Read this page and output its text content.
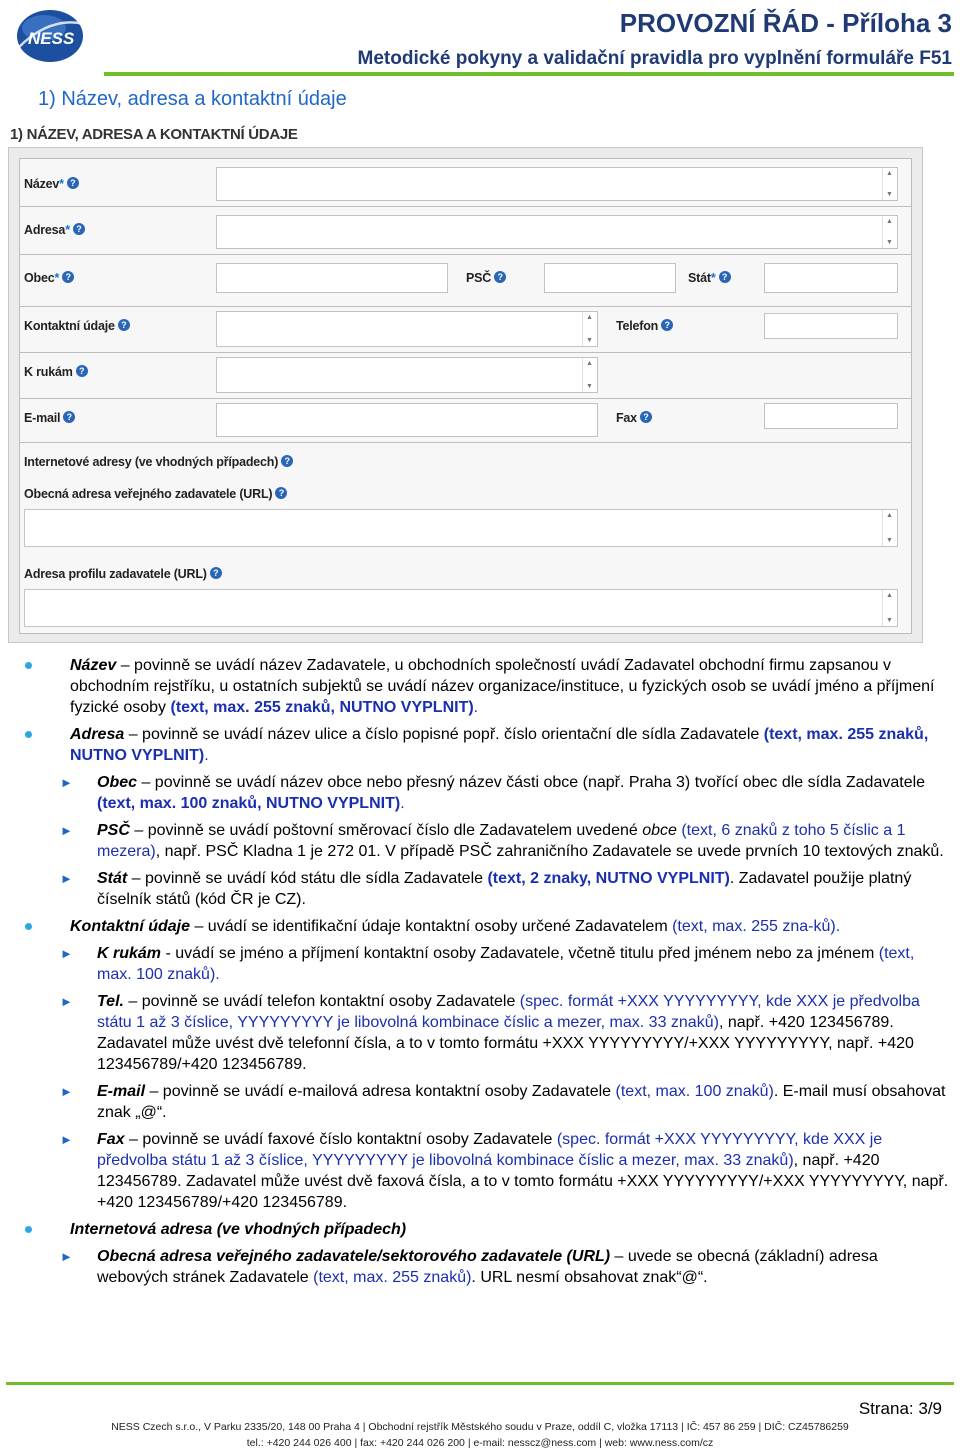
NESS
PROVOZNÍ ŘÁD - Příloha 3
Metodické pokyny a validační pravidla pro vyplnění formuláře F51
1) Název, adresa a kontaktní údaje
1) NÁZEV, ADRESA A KONTAKTNÍ ÚDAJE
Název* ?
▲ ▼
Adresa* ?
▲ ▼
Obec* ?	PSČ ?	Stát* ?
Kontaktní údaje ?
▲ ▼	Telefon ?
K rukám ?
▲ ▼
E-mail ?	Fax ?
Internetové adresy (ve vhodných případech) ?
Obecná adresa veřejného zadavatele (URL) ?
▲ ▼
Adresa profilu zadavatele (URL) ?
▲ ▼
Název – povinně se uvádí název Zadavatele, u obchodních společností uvádí Zadavatel obchodní firmu zapsanou v obchodním rejstříku, u ostatních subjektů se uvádí název organizace/instituce, u fyzických osob se uvádí jméno a příjmení fyzické osoby (text, max. 255 znaků, NUTNO VYPLNIT).
Adresa – povinně se uvádí název ulice a číslo popisné popř. číslo orientační dle sídla Zadavatele (text, max. 255 znaků, NUTNO VYPLNIT).
► Obec – povinně se uvádí název obce nebo přesný název části obce (např. Praha 3) tvořící obec dle sídla Zadavatele (text, max. 100 znaků, NUTNO VYPLNIT).
► PSČ – povinně se uvádí poštovní směrovací číslo dle Zadavatelem uvedené obce (text, 6 znaků z toho 5 číslic a 1 mezera), např. PSČ Kladna 1 je 272 01. V případě PSČ zahraničního Zadavatele se uvede prvních 10 textových znaků.
► Stát – povinně se uvádí kód státu dle sídla Zadavatele (text, 2 znaky, NUTNO VYPLNIT). Zadavatel použije platný číselník států (kód ČR je CZ).
Kontaktní údaje – uvádí se identifikační údaje kontaktní osoby určené Zadavatelem (text, max. 255 zna-ků).
► K rukám - uvádí se jméno a příjmení kontaktní osoby Zadavatele, včetně titulu před jménem nebo za jménem (text, max. 100 znaků).
► Tel. – povinně se uvádí telefon kontaktní osoby Zadavatele (spec. formát +XXX YYYYYYYYY, kde XXX je předvolba státu 1 až 3 číslice, YYYYYYYYY je libovolná kombinace číslic a mezer, max. 33 znaků), např. +420 123456789. Zadavatel může uvést dvě telefonní čísla, a to v tomto formátu +XXX YYYYYYYYY/+XXX YYYYYYYYY, např. +420 123456789/+420 123456789.
► E-mail – povinně se uvádí e-mailová adresa kontaktní osoby Zadavatele (text, max. 100 znaků). E-mail musí obsahovat znak „@“.
► Fax – povinně se uvádí faxové číslo kontaktní osoby Zadavatele (spec. formát +XXX YYYYYYYYY, kde XXX je předvolba státu 1 až 3 číslice, YYYYYYYYY je libovolná kombinace číslic a mezer, max. 33 znaků), např. +420 123456789. Zadavatel může uvést dvě faxová čísla, a to v tomto formátu +XXX YYYYYYYYY/+XXX YYYYYYYYY, např. +420 123456789/+420 123456789.
Internetová adresa (ve vhodných případech)
► Obecná adresa veřejného zadavatele/sektorového zadavatele (URL) – uvede se obecná (základní) adresa webových stránek Zadavatele (text, max. 255 znaků). URL nesmí obsahovat znak“@“.
Strana: 3/9
NESS Czech s.r.o., V Parku 2335/20, 148 00 Praha 4 | Obchodní rejstřík Městského soudu v Praze, oddíl C, vložka 17113 | IČ: 457 86 259 | DIČ: CZ45786259
tel.: +420 244 026 400 | fax: +420 244 026 200 | e-mail: nesscz@ness.com | web: www.ness.com/cz
